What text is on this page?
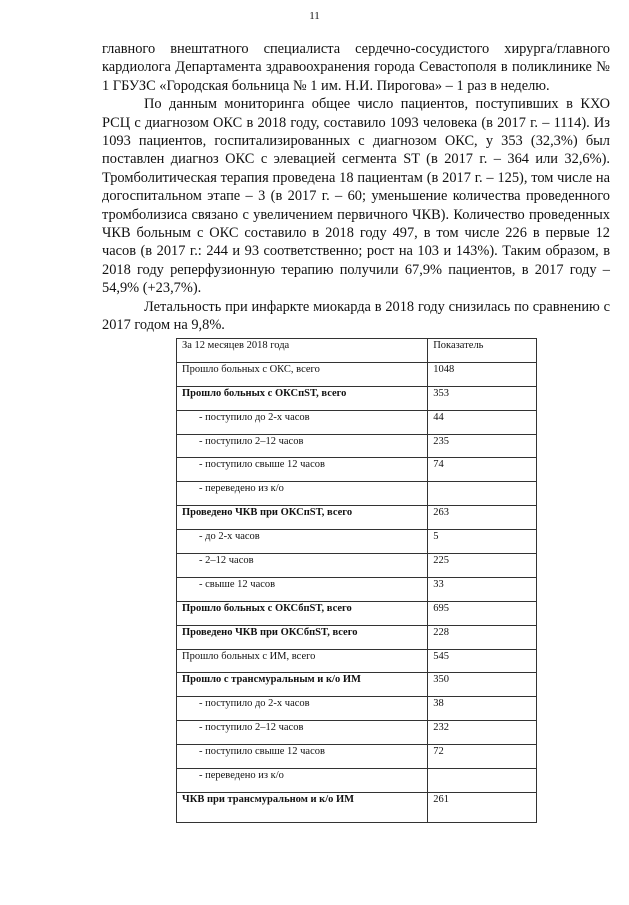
11

главного внештатного специалиста сердечно-сосудистого хирурга/главного кардиолога Департамента здравоохранения города Севастополя в поликлинике № 1 ГБУЗС «Городская больница № 1 им. Н.И. Пирогова» – 1 раз в неделю.

По данным мониторинга общее число пациентов, поступивших в КХО РСЦ с диагнозом ОКС в 2018 году, составило 1093 человека (в 2017 г. – 1114). Из 1093 пациентов, госпитализированных с диагнозом ОКС, у 353 (32,3%) был поставлен диагноз ОКС с элевацией сегмента ST (в 2017 г. – 364 или 32,6%). Тромболитическая терапия проведена 18 пациентам (в 2017 г. – 125), том числе на догоспитальном этапе – 3 (в 2017 г. – 60; уменьшение количества проведенного тромболизиса связано с увеличением первичного ЧКВ). Количество проведенных ЧКВ больным с ОКС составило в 2018 году 497, в том числе 226 в первые 12 часов (в 2017 г.: 244 и 93 соответственно; рост на 103 и 143%). Таким образом, в 2018 году реперфузионную терапию получили 67,9% пациентов, в 2017 году – 54,9% (+23,7%).

Летальность при инфаркте миокарда в 2018 году снизилась по сравнению с 2017 годом на 9,8%.

За 12 месяцев 2018 года	Показатель
Прошло больных с ОКС, всего	1048
Прошло больных с ОКСпST, всего	353
- поступило до 2-х часов	44
- поступило 2–12 часов	235
- поступило свыше 12 часов	74
- переведено из к/о	
Проведено ЧКВ при ОКСпST, всего	263
- до 2-х часов	5
- 2–12 часов	225
- свыше 12 часов	33
Прошло больных с ОКСбпST, всего	695
Проведено ЧКВ при ОКСбпST, всего	228
Прошло больных с ИМ, всего	545
Прошло с трансмуральным и к/о ИМ	350
- поступило до 2-х часов	38
- поступило 2–12 часов	232
- поступило свыше 12 часов	72
- переведено из к/о	
ЧКВ при трансмуральном и к/о ИМ	261
